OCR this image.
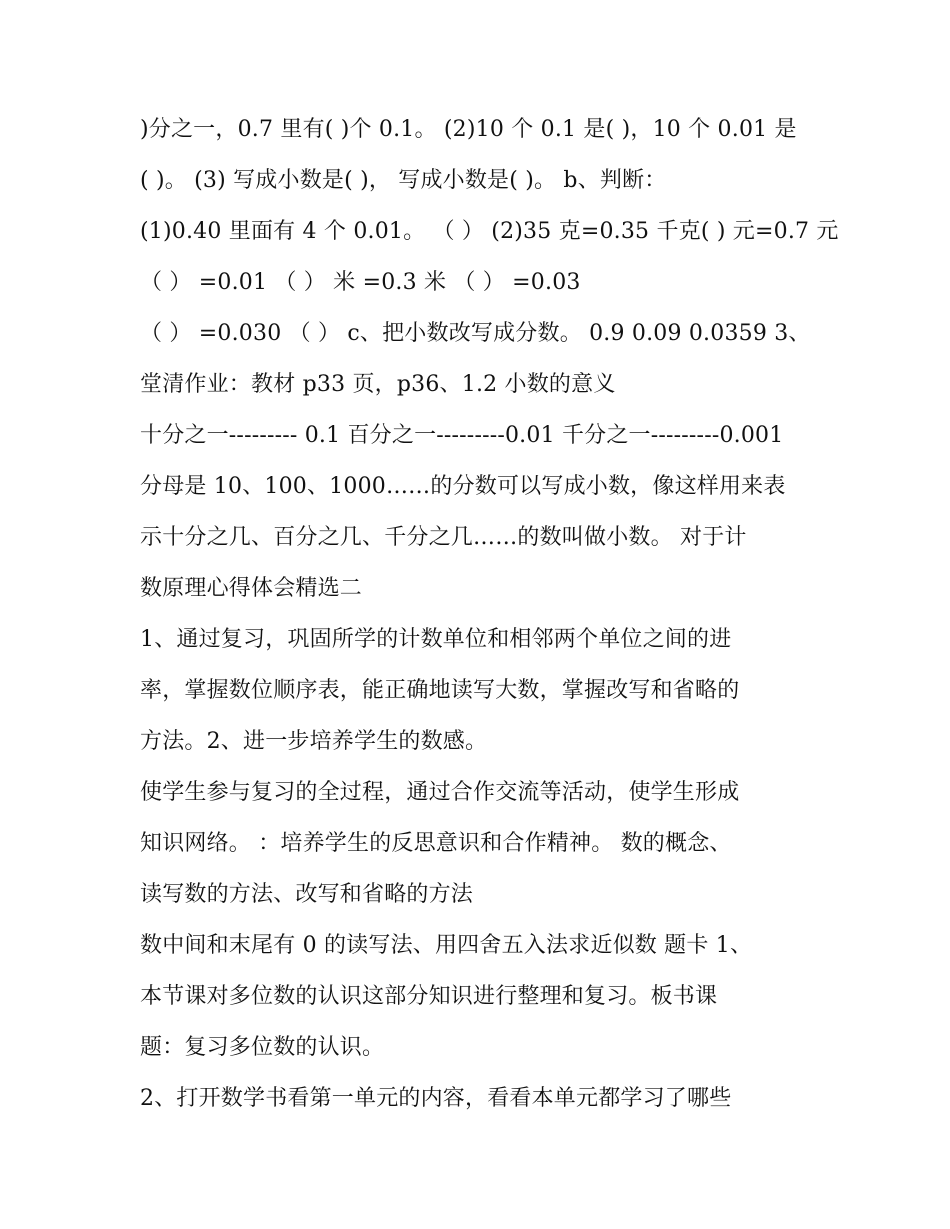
)分之一，0.7 里有( )个 0.1。 (2)10 个 0.1 是( )，10 个 0.01 是
( )。 (3) 写成小数是( )， 写成小数是( )。 b、判断：
(1)0.40 里面有 4 个 0.01。 （ ） (2)35 克=0.35 千克( ) 元=0.7 元
（ ） =0.01 （ ） 米 =0.3 米 （ ） =0.03
（ ） =0.030 （ ） c、把小数改写成分数。 0.9 0.09 0.0359 3、
堂清作业：教材 p33 页，p36、1.2 小数的意义
十分之一--------- 0.1 百分之一---------0.01 千分之一---------0.001
分母是 10、100、1000……的分数可以写成小数，像这样用来表
示十分之几、百分之几、千分之几……的数叫做小数。 对于计
数原理心得体会精选二
1、通过复习，巩固所学的计数单位和相邻两个单位之间的进
率，掌握数位顺序表，能正确地读写大数，掌握改写和省略的
方法。2、进一步培养学生的数感。
使学生参与复习的全过程，通过合作交流等活动，使学生形成
知识网络。 ：培养学生的反思意识和合作精神。 数的概念、
读写数的方法、改写和省略的方法
数中间和末尾有 0 的读写法、用四舍五入法求近似数 题卡 1、
本节课对多位数的认识这部分知识进行整理和复习。板书课
题：复习多位数的认识。
2、打开数学书看第一单元的内容，看看本单元都学习了哪些
